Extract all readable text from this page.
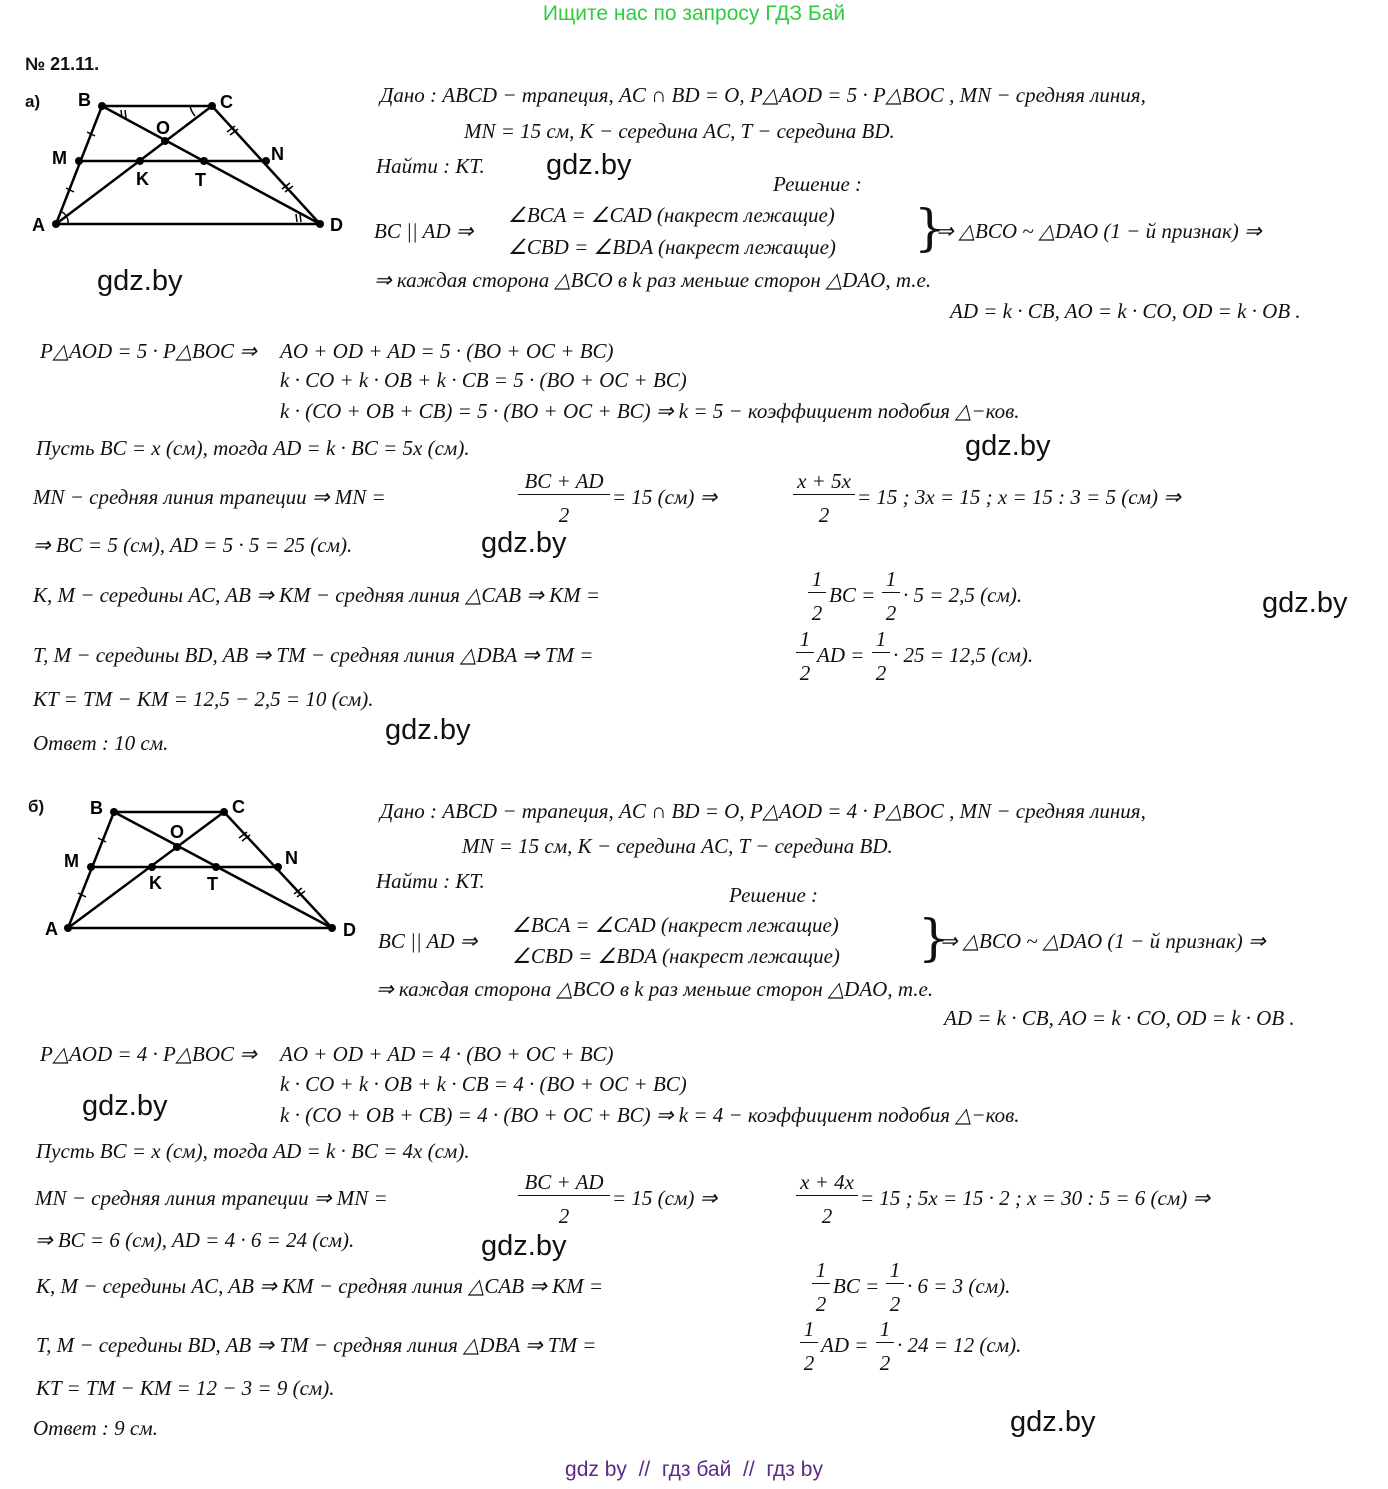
Ищите нас по запросу ГДЗ Бай
№ 21.11.
а)
A
B	C
D
M	N
K	T
O
gdz.by
Дано : ABCD − трапеция, AC ∩ BD = O, P△AOD = 5 · P△BOC , MN − средняя линия,
MN = 15 см, K − середина AC, T − середина BD.
Найти : KT. gdz.by
Решение :
BC || AD ⇒
∠BCA = ∠CAD (накрест лежащие)
∠CBD = ∠BDA (накрест лежащие) }
⇒ △BCO ~ △DAO (1 − й признак) ⇒
⇒ каждая сторона △BCO в k раз меньше сторон △DAO, т.е.
AD = k · CB, AO = k · CO, OD = k · OB .
P△AOD = 5 · P△BOC ⇒ AO + OD + AD = 5 · (BO + OC + BC)
k · CO + k · OB + k · CB = 5 · (BO + OC + BC)
k · (CO + OB + CB) = 5 · (BO + OC + BC) ⇒ k = 5 − коэффициент подобия △−ков.
Пусть BC = x (см), тогда AD = k · BC = 5x (см).	gdz.by
MN − средняя линия трапеции ⇒ MN =
BC + AD
2
= 15 (см) ⇒
x + 5x
2
= 15 ; 3x = 15 ; x = 15 : 3 = 5 (см) ⇒
⇒ BC = 5 (см), AD = 5 · 5 = 25 (см).	gdz.by
K, M − середины AC, AB ⇒ KM − средняя линия △CAB ⇒ KM =
1
2
BC =
1
2
· 5 = 2,5 (см).	gdz.by
T, M − середины BD, AB ⇒ TM − средняя линия △DBA ⇒ TM =
1
2
AD =
1
2
· 25 = 12,5 (см).
KT = TM − KM = 12,5 − 2,5 = 10 (см).
Ответ : 10 см.	gdz.by
б)
A
B	C
D
M	N
K	T
O
Дано : ABCD − трапеция, AC ∩ BD = O, P△AOD = 4 · P△BOC , MN − средняя линия,
MN = 15 см, K − середина AC, T − середина BD.
Найти : KT.
Решение :
BC || AD ⇒
∠BCA = ∠CAD (накрест лежащие)
∠CBD = ∠BDA (накрест лежащие) }
⇒ △BCO ~ △DAO (1 − й признак) ⇒
⇒ каждая сторона △BCO в k раз меньше сторон △DAO, т.е.
AD = k · CB, AO = k · CO, OD = k · OB .
P△AOD = 4 · P△BOC ⇒ AO + OD + AD = 4 · (BO + OC + BC)
k · CO + k · OB + k · CB = 4 · (BO + OC + BC)
k · (CO + OB + CB) = 4 · (BO + OC + BC) ⇒ k = 4 − коэффициент подобия △−ков.
gdz.by
Пусть BC = x (см), тогда AD = k · BC = 4x (см).
MN − средняя линия трапеции ⇒ MN =
BC + AD
2
= 15 (см) ⇒
x + 4x
2
= 15 ; 5x = 15 · 2 ; x = 30 : 5 = 6 (см) ⇒
⇒ BC = 6 (см), AD = 4 · 6 = 24 (см).	gdz.by
K, M − середины AC, AB ⇒ KM − средняя линия △CAB ⇒ KM =
1
2
BC =
1
2
· 6 = 3 (см).
T, M − середины BD, AB ⇒ TM − средняя линия △DBA ⇒ TM =
1
2
AD =
1
2
· 24 = 12 (см).
KT = TM − KM = 12 − 3 = 9 (см).
Ответ : 9 см.	gdz.by
gdz by // гдз бай // гдз by
